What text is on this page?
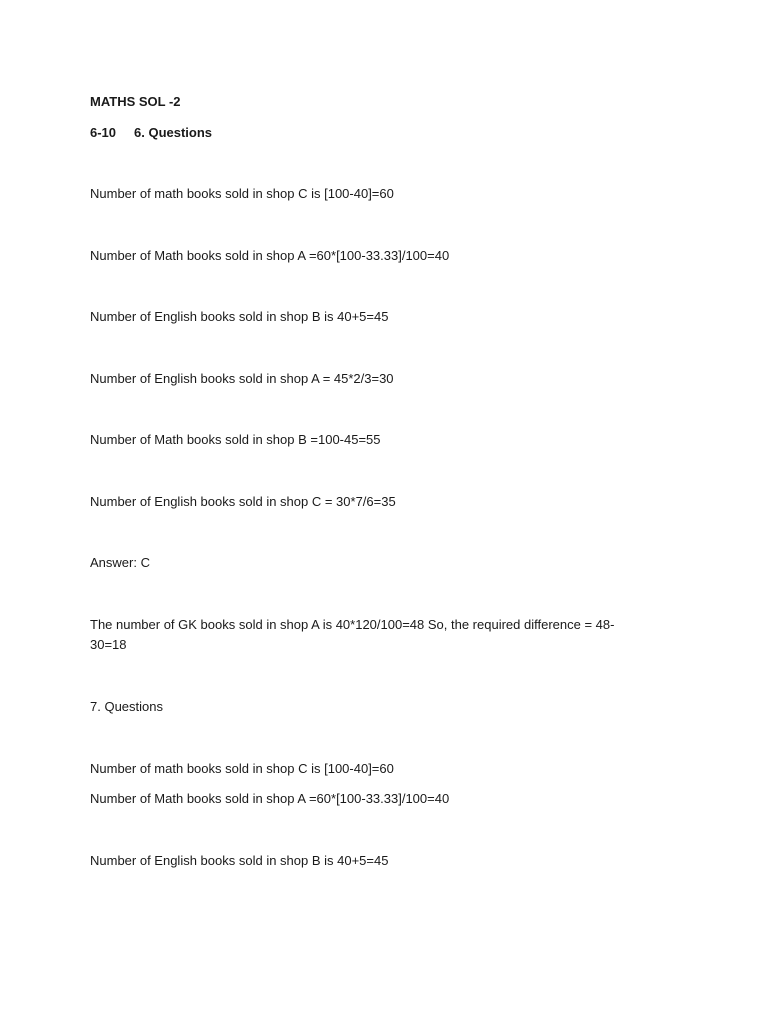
MATHS SOL -2

6-10 6. Questions

Number of math books sold in shop C is [100-40]=60

Number of Math books sold in shop A =60*[100-33.33]/100=40

Number of English books sold in shop B is 40+5=45

Number of English books sold in shop A = 45*2/3=30

Number of Math books sold in shop B =100-45=55

Number of English books sold in shop C = 30*7/6=35

Answer: C

The number of GK books sold in shop A is 40*120/100=48 So, the required difference = 48-30=18

7. Questions

Number of math books sold in shop C is [100-40]=60

Number of Math books sold in shop A =60*[100-33.33]/100=40

Number of English books sold in shop B is 40+5=45
